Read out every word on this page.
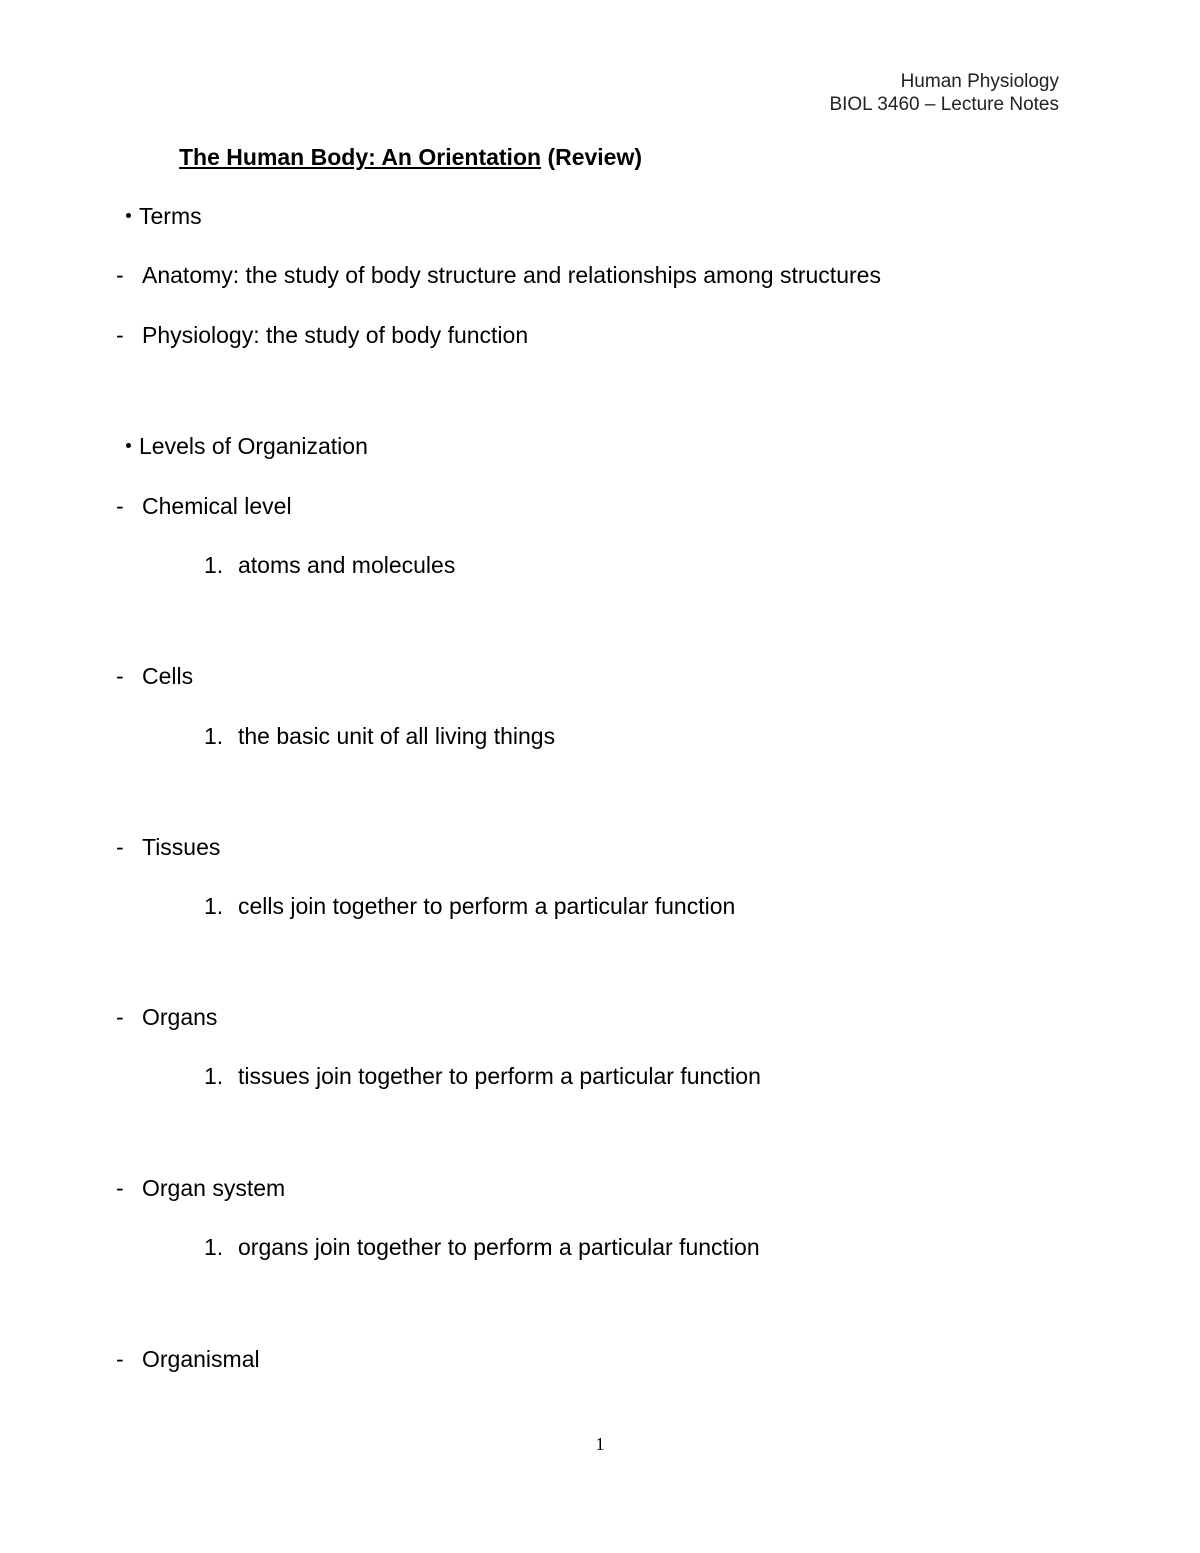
Human Physiology
BIOL 3460 – Lecture Notes
The Human Body: An Orientation (Review)
Terms
- Anatomy: the study of body structure and relationships among structures
- Physiology: the study of body function
Levels of Organization
- Chemical level
1. atoms and molecules
- Cells
1. the basic unit of all living things
- Tissues
1. cells join together to perform a particular function
- Organs
1. tissues join together to perform a particular function
- Organ system
1. organs join together to perform a particular function
- Organismal
1
